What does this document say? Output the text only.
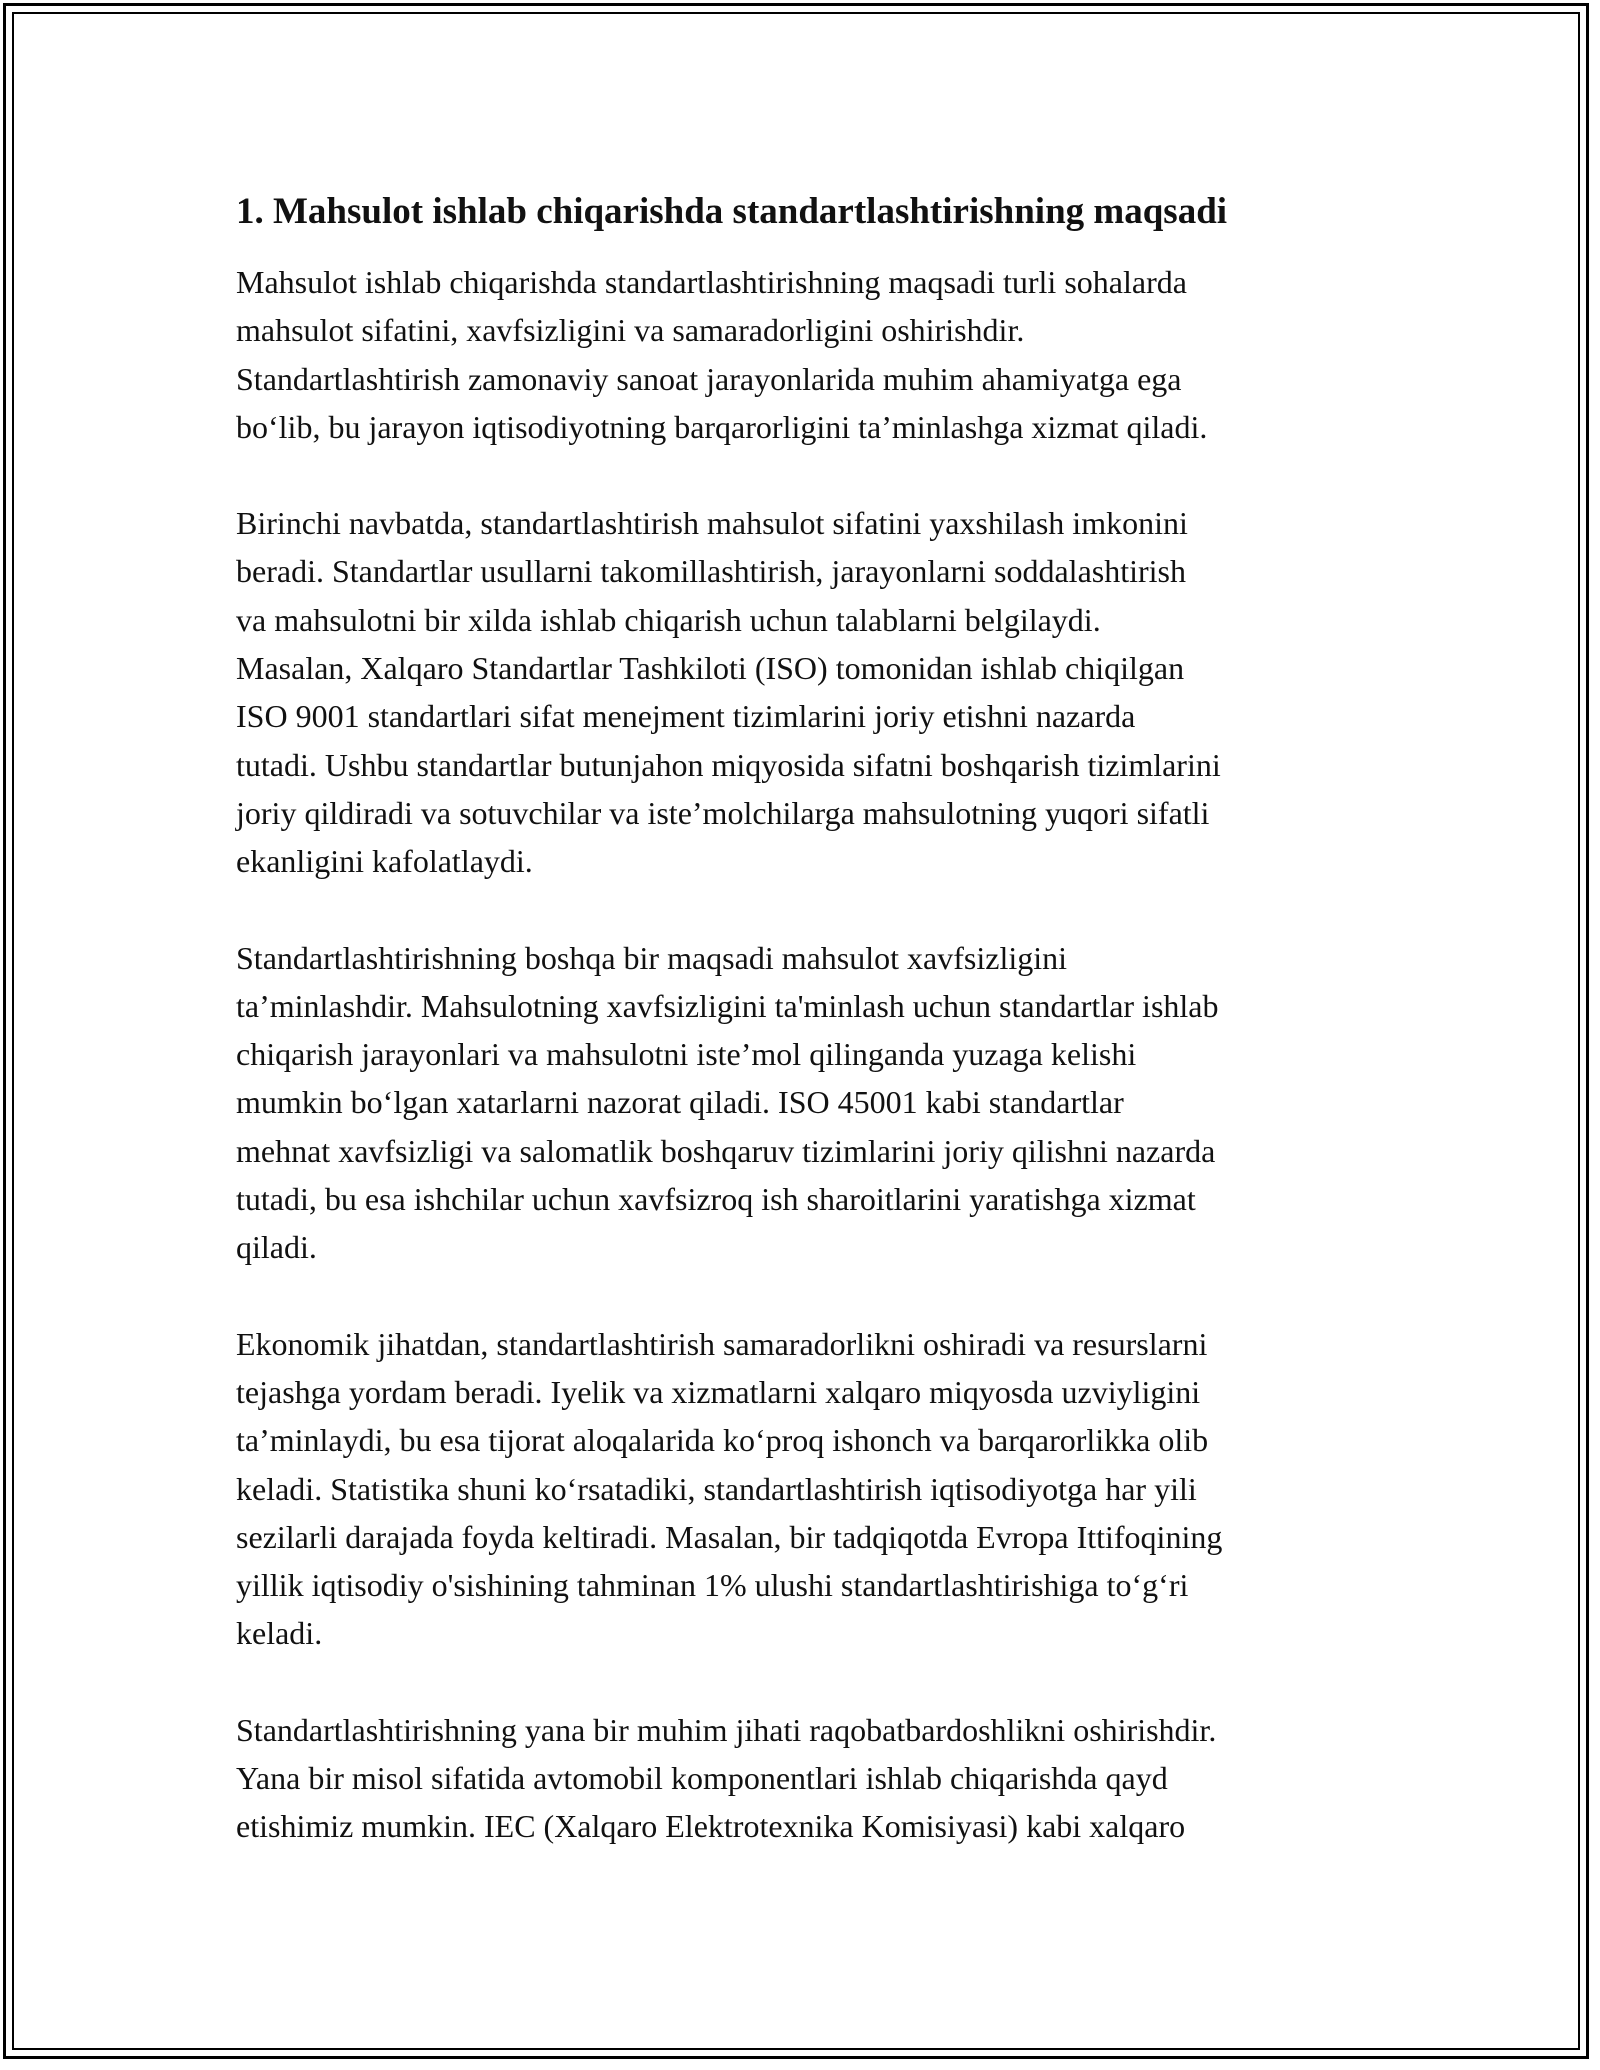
1. Mahsulot ishlab chiqarishda standartlashtirishning maqsadi

Mahsulot ishlab chiqarishda standartlashtirishning maqsadi turli sohalarda
mahsulot sifatini, xavfsizligini va samaradorligini oshirishdir.
Standartlashtirish zamonaviy sanoat jarayonlarida muhim ahamiyatga ega
bo‘lib, bu jarayon iqtisodiyotning barqarorligini ta’minlashga xizmat qiladi.

Birinchi navbatda, standartlashtirish mahsulot sifatini yaxshilash imkonini
beradi. Standartlar usullarni takomillashtirish, jarayonlarni soddalashtirish
va mahsulotni bir xilda ishlab chiqarish uchun talablarni belgilaydi.
Masalan, Xalqaro Standartlar Tashkiloti (ISO) tomonidan ishlab chiqilgan
ISO 9001 standartlari sifat menejment tizimlarini joriy etishni nazarda
tutadi. Ushbu standartlar butunjahon miqyosida sifatni boshqarish tizimlarini
joriy qildiradi va sotuvchilar va iste’molchilarga mahsulotning yuqori sifatli
ekanligini kafolatlaydi.

Standartlashtirishning boshqa bir maqsadi mahsulot xavfsizligini
ta’minlashdir. Mahsulotning xavfsizligini ta'minlash uchun standartlar ishlab
chiqarish jarayonlari va mahsulotni iste’mol qilinganda yuzaga kelishi
mumkin bo‘lgan xatarlarni nazorat qiladi. ISO 45001 kabi standartlar
mehnat xavfsizligi va salomatlik boshqaruv tizimlarini joriy qilishni nazarda
tutadi, bu esa ishchilar uchun xavfsizroq ish sharoitlarini yaratishga xizmat
qiladi.

Ekonomik jihatdan, standartlashtirish samaradorlikni oshiradi va resurslarni
tejashga yordam beradi. Iyelik va xizmatlarni xalqaro miqyosda uzviyligini
ta’minlaydi, bu esa tijorat aloqalarida ko‘proq ishonch va barqarorlikka olib
keladi. Statistika shuni ko‘rsatadiki, standartlashtirish iqtisodiyotga har yili
sezilarli darajada foyda keltiradi. Masalan, bir tadqiqotda Evropa Ittifoqining
yillik iqtisodiy o'sishining tahminan 1% ulushi standartlashtirishiga to‘g‘ri
keladi.

Standartlashtirishning yana bir muhim jihati raqobatbardoshlikni oshirishdir.
Yana bir misol sifatida avtomobil komponentlari ishlab chiqarishda qayd
etishimiz mumkin. IEC (Xalqaro Elektrotexnika Komisiyasi) kabi xalqaro
